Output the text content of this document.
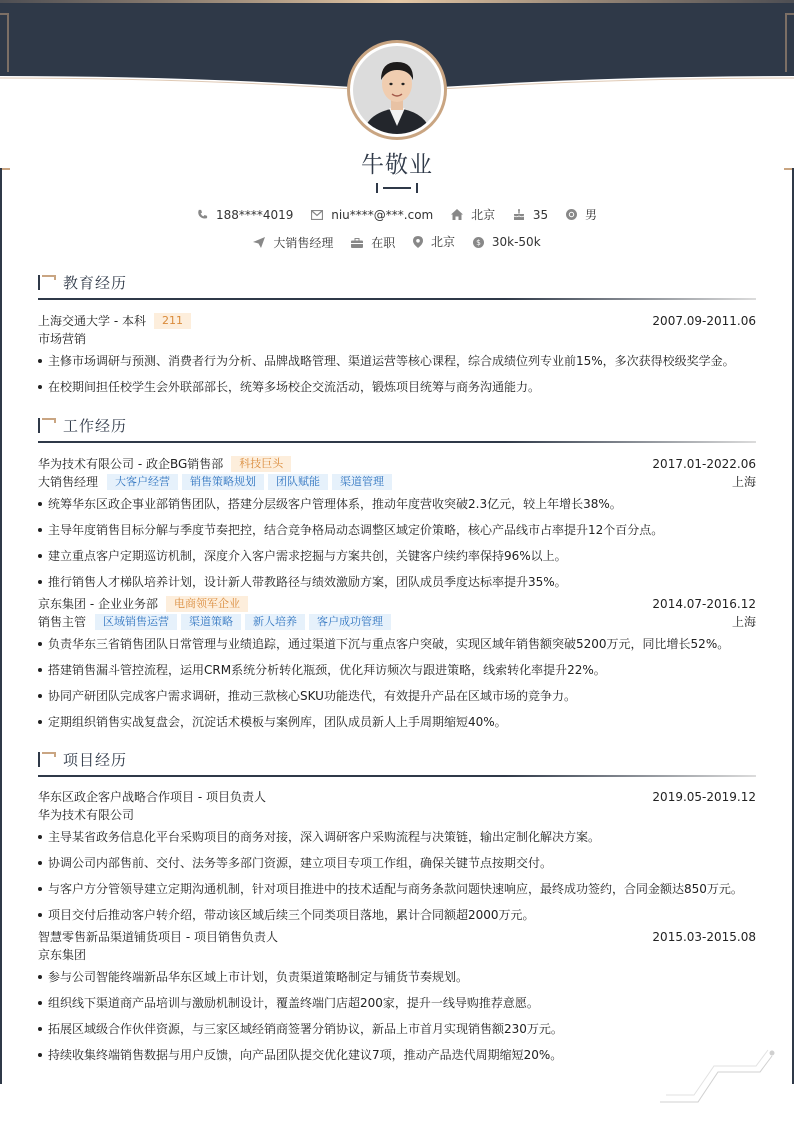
牛敬业
188****4019
	niu****@***.com
	北京
	35
	男
大销售经理
	在职
	北京
	$ 30k-50k
教育经历
上海交通大学 - 本科 211	2007.09-2011.06
市场营销
主修市场调研与预测、消费者行为分析、品牌战略管理、渠道运营等核心课程，综合成绩位列专业前15%，多次获得校级奖学金。
在校期间担任校学生会外联部部长，统筹多场校企交流活动，锻炼项目统筹与商务沟通能力。
工作经历
华为技术有限公司 - 政企BG销售部 科技巨头	2017.01-2022.06
大销售经理 大客户经营 销售策略规划 团队赋能 渠道管理	上海
统筹华东区政企事业部销售团队，搭建分层级客户管理体系，推动年度营收突破2.3亿元，较上年增长38%。
主导年度销售目标分解与季度节奏把控，结合竞争格局动态调整区域定价策略，核心产品线市占率提升12个百分点。
建立重点客户定期巡访机制，深度介入客户需求挖掘与方案共创，关键客户续约率保持96%以上。
推行销售人才梯队培养计划，设计新人带教路径与绩效激励方案，团队成员季度达标率提升35%。
京东集团 - 企业业务部 电商领军企业	2014.07-2016.12
销售主管 区域销售运营 渠道策略 新人培养 客户成功管理	上海
负责华东三省销售团队日常管理与业绩追踪，通过渠道下沉与重点客户突破，实现区域年销售额突破5200万元，同比增长52%。
搭建销售漏斗管控流程，运用CRM系统分析转化瓶颈，优化拜访频次与跟进策略，线索转化率提升22%。
协同产研团队完成客户需求调研，推动三款核心SKU功能迭代，有效提升产品在区域市场的竞争力。
定期组织销售实战复盘会，沉淀话术模板与案例库，团队成员新人上手周期缩短40%。
项目经历
华东区政企客户战略合作项目 - 项目负责人	2019.05-2019.12
华为技术有限公司
主导某省政务信息化平台采购项目的商务对接，深入调研客户采购流程与决策链，输出定制化解决方案。
协调公司内部售前、交付、法务等多部门资源，建立项目专项工作组，确保关键节点按期交付。
与客户方分管领导建立定期沟通机制，针对项目推进中的技术适配与商务条款问题快速响应，最终成功签约，合同金额达850万元。
项目交付后推动客户转介绍，带动该区域后续三个同类项目落地，累计合同额超2000万元。
智慧零售新品渠道铺货项目 - 项目销售负责人	2015.03-2015.08
京东集团
参与公司智能终端新品华东区域上市计划，负责渠道策略制定与铺货节奏规划。
组织线下渠道商产品培训与激励机制设计，覆盖终端门店超200家，提升一线导购推荐意愿。
拓展区域级合作伙伴资源，与三家区域经销商签署分销协议，新品上市首月实现销售额230万元。
持续收集终端销售数据与用户反馈，向产品团队提交优化建议7项，推动产品迭代周期缩短20%。
